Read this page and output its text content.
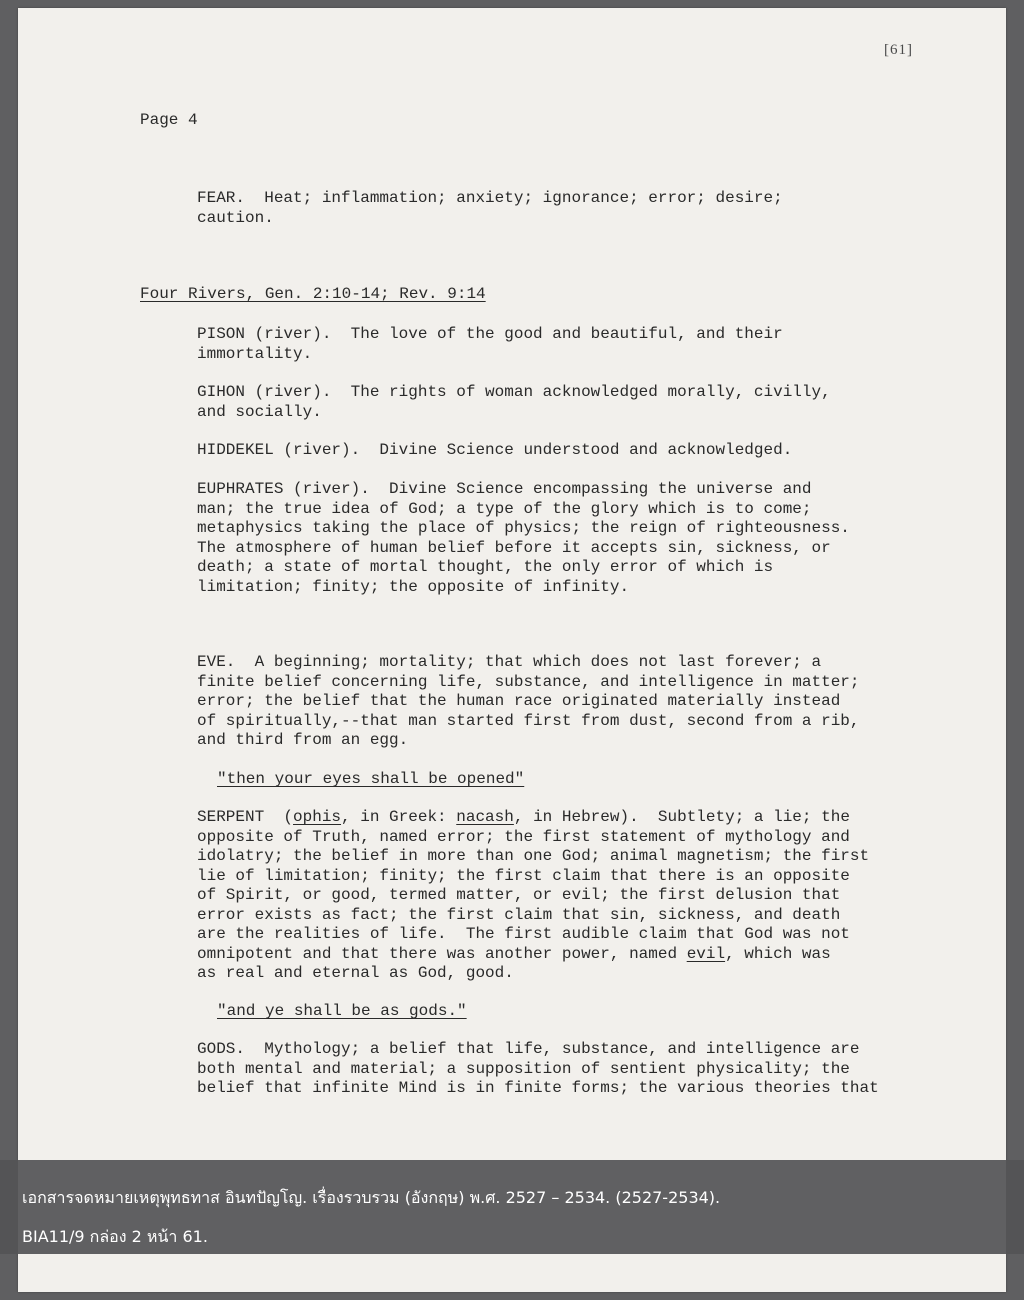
[61]
Page 4
FEAR.  Heat; inflammation; anxiety; ignorance; error; desire;
caution.
Four Rivers, Gen. 2:10-14; Rev. 9:14
PISON (river).  The love of the good and beautiful, and their
immortality.
GIHON (river).  The rights of woman acknowledged morally, civilly,
and socially.
HIDDEKEL (river).  Divine Science understood and acknowledged.
EUPHRATES (river).  Divine Science encompassing the universe and
man; the true idea of God; a type of the glory which is to come;
metaphysics taking the place of physics; the reign of righteousness.
The atmosphere of human belief before it accepts sin, sickness, or
death; a state of mortal thought, the only error of which is
limitation; finity; the opposite of infinity.
EVE.  A beginning; mortality; that which does not last forever; a
finite belief concerning life, substance, and intelligence in matter;
error; the belief that the human race originated materially instead
of spiritually,--that man started first from dust, second from a rib,
and third from an egg.
"then your eyes shall be opened"
SERPENT  (ophis, in Greek: nacash, in Hebrew).  Subtlety; a lie; the
opposite of Truth, named error; the first statement of mythology and
idolatry; the belief in more than one God; animal magnetism; the first
lie of limitation; finity; the first claim that there is an opposite
of Spirit, or good, termed matter, or evil; the first delusion that
error exists as fact; the first claim that sin, sickness, and death
are the realities of life.  The first audible claim that God was not
omnipotent and that there was another power, named evil, which was
as real and eternal as God, good.
"and ye shall be as gods."
GODS.  Mythology; a belief that life, substance, and intelligence are
both mental and material; a supposition of sentient physicality; the
belief that infinite Mind is in finite forms; the various theories that
เอกสารจดหมายเหตุพุทธทาส อินทปัญโญ. เรื่องรวบรวม (อังกฤษ) พ.ศ. 2527 – 2534. (2527-2534).
BIA11/9 กล่อง 2 หน้า 61.
